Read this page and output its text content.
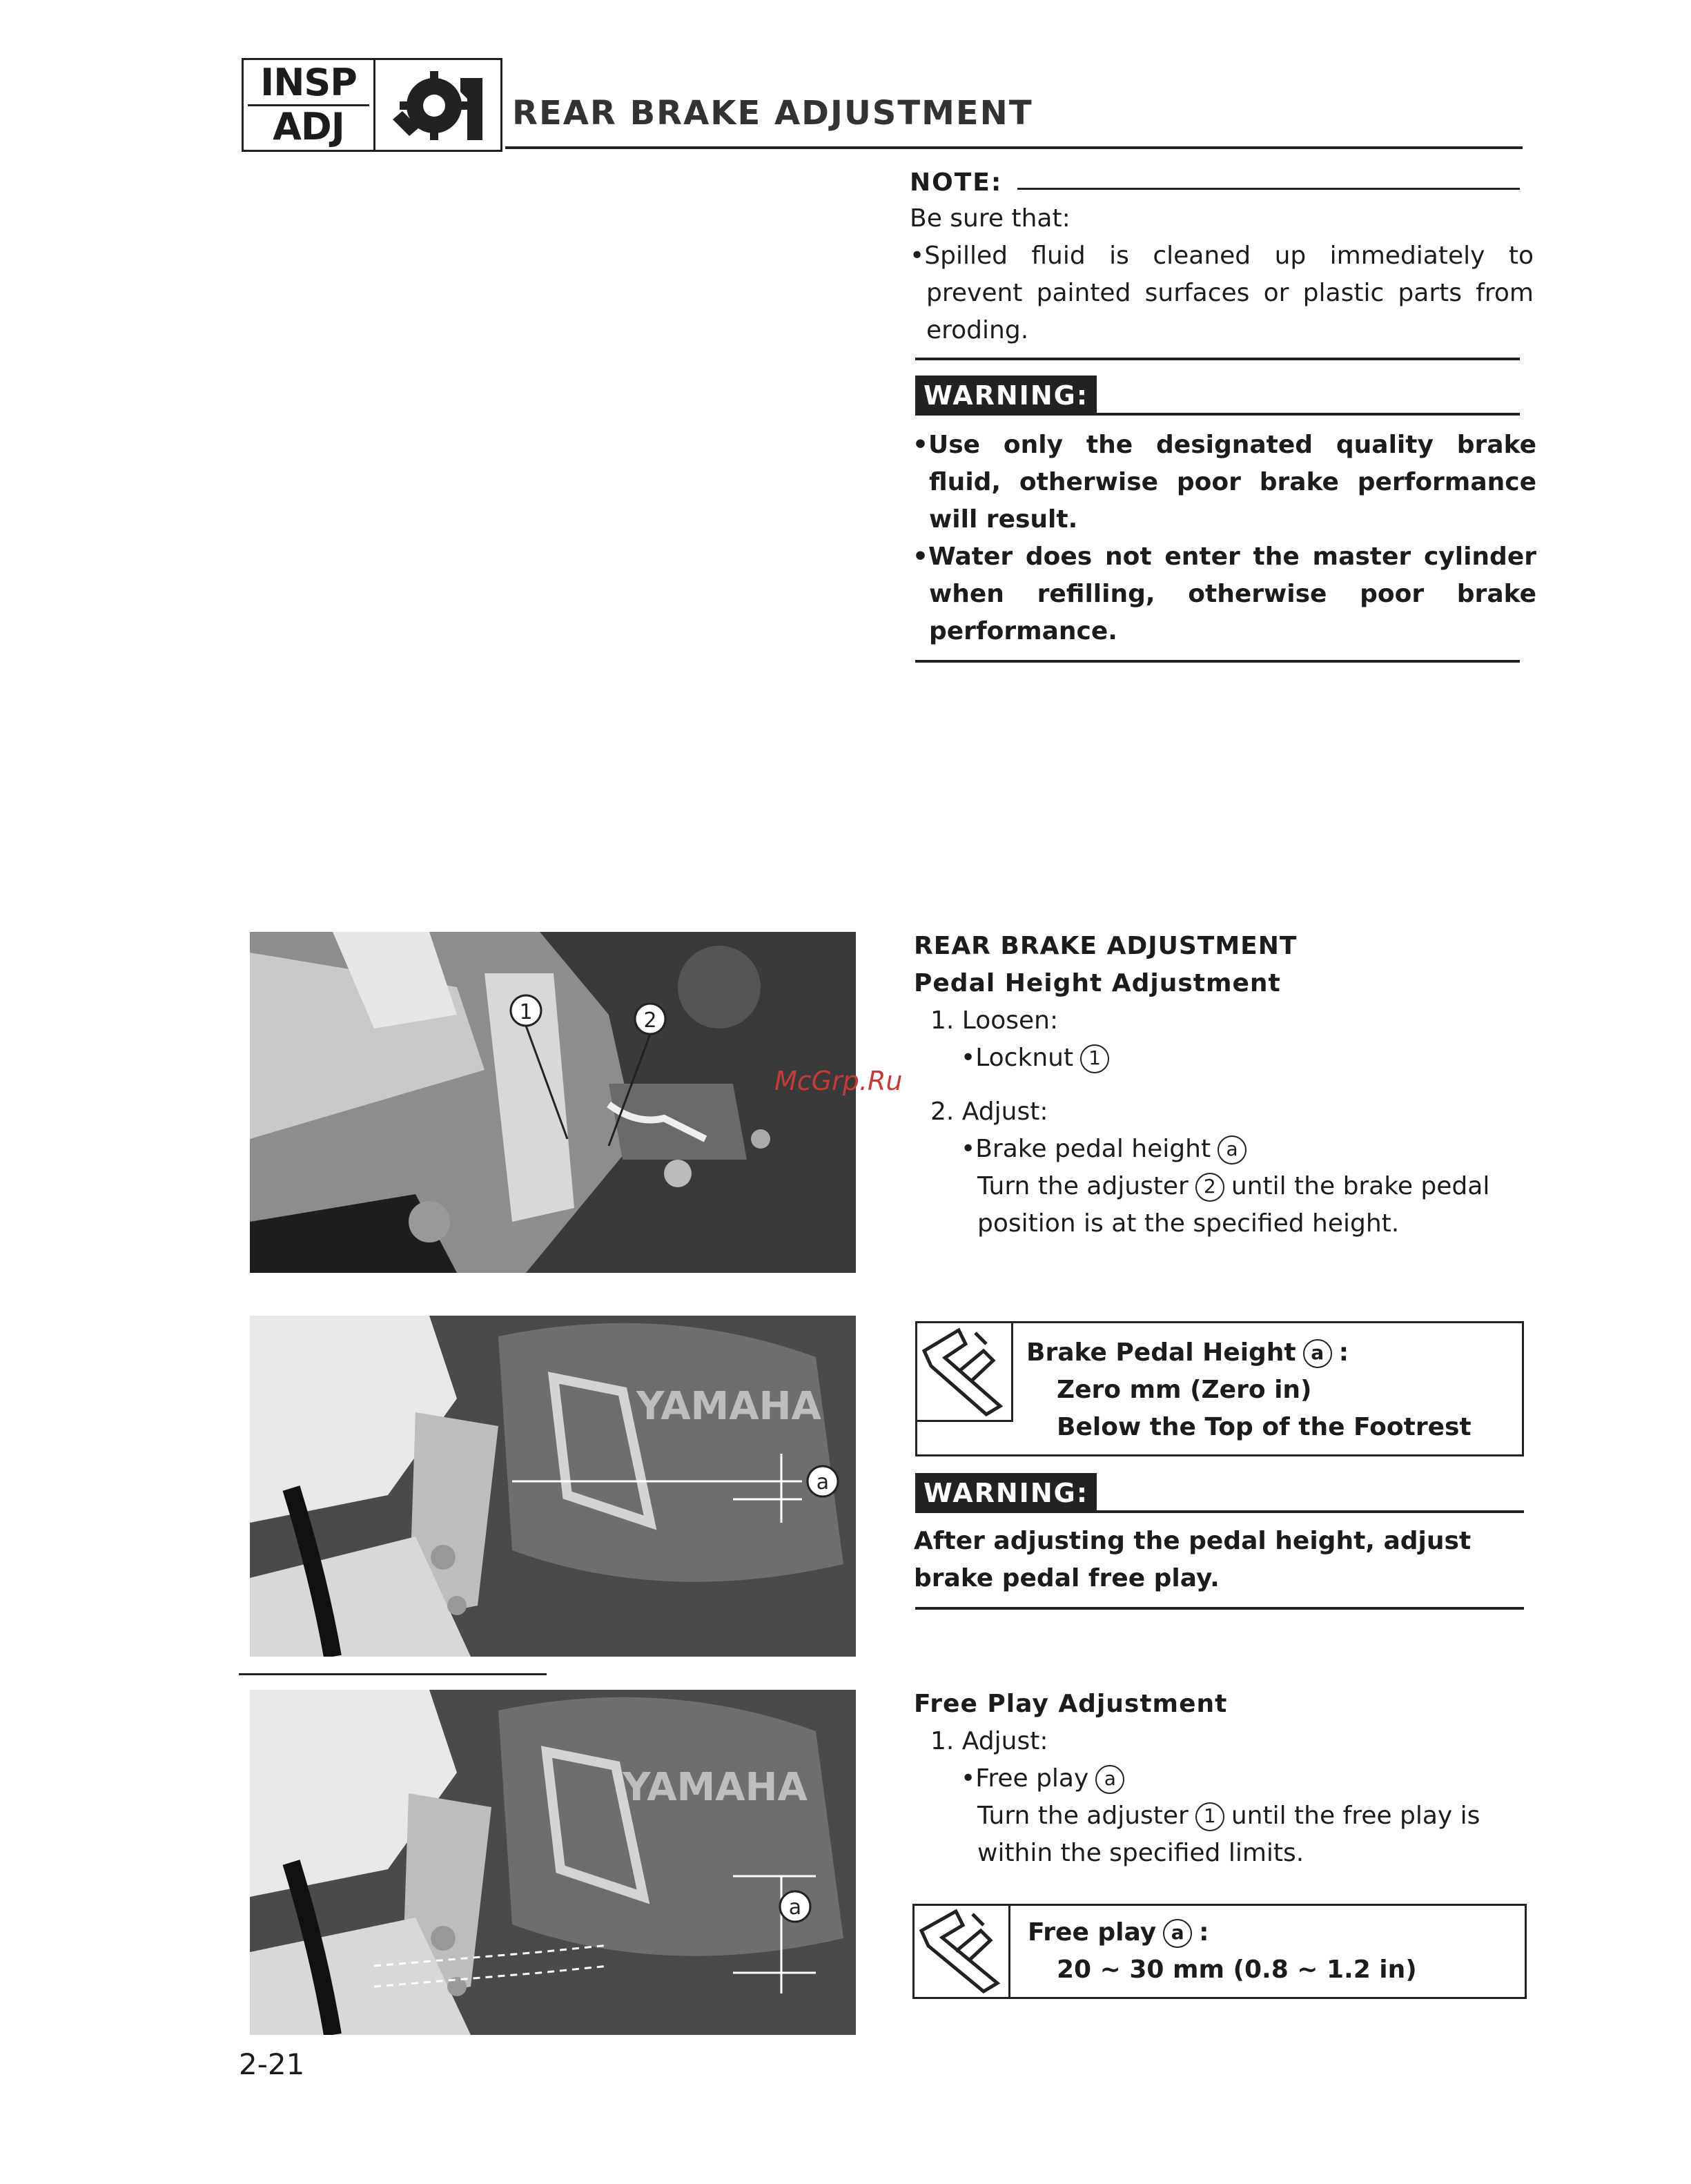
INSP
ADJ	REAR BRAKE ADJUSTMENT
NOTE:
Be sure that:
•Spilled fluid is cleaned up immediately to prevent painted surfaces or plastic parts from eroding.
WARNING:
•Use only the designated quality brake fluid, otherwise poor brake performance will result.
•Water does not enter the master cylinder when refilling, otherwise poor brake performance.
1	2
McGrp.Ru
REAR BRAKE ADJUSTMENT
Pedal Height Adjustment
1. Loosen:
•Locknut 1
2. Adjust:
•Brake pedal height a
Turn the adjuster 2 until the brake pedal position is at the specified height.
YAMAHA
a
Brake Pedal Height a :
Zero mm (Zero in)
Below the Top of the Footrest
WARNING:
After adjusting the pedal height, adjust brake pedal free play.
YAMAHA
a
Free Play Adjustment
1. Adjust:
•Free play a
Turn the adjuster 1 until the free play is within the specified limits.
Free play a :
20 ~ 30 mm (0.8 ~ 1.2 in)
2-21
